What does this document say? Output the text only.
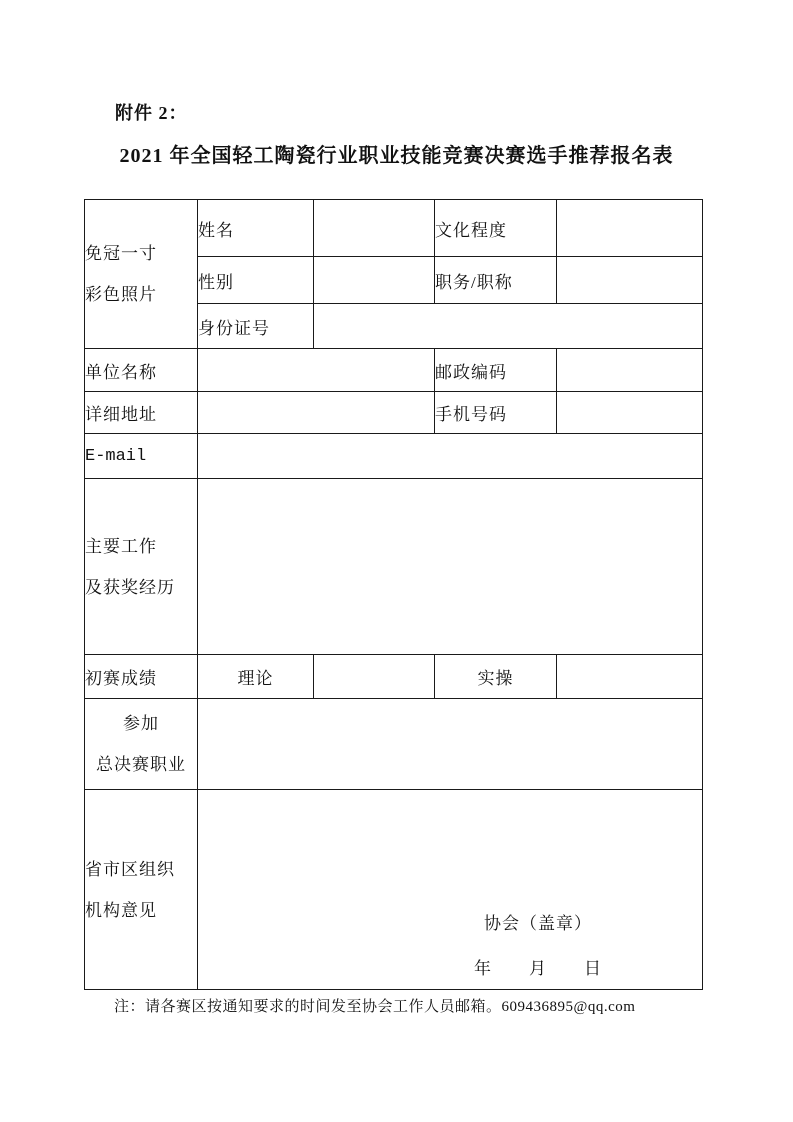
附件 2：
2021 年全国轻工陶瓷行业职业技能竞赛决赛选手推荐报名表
免冠一寸
彩色照片	姓名		文化程度	
	性别		职务/职称	
	身份证号			
单位名称			邮政编码	
详细地址			手机号码	
E-mail				

主要工作
及获奖经历				

初赛成绩	理论		实操	

参加
总决赛职业				

省市区组织
机构意见

协会（盖章）
年 月 日
注：请各赛区按通知要求的时间发至协会工作人员邮箱。609436895@qq.com
